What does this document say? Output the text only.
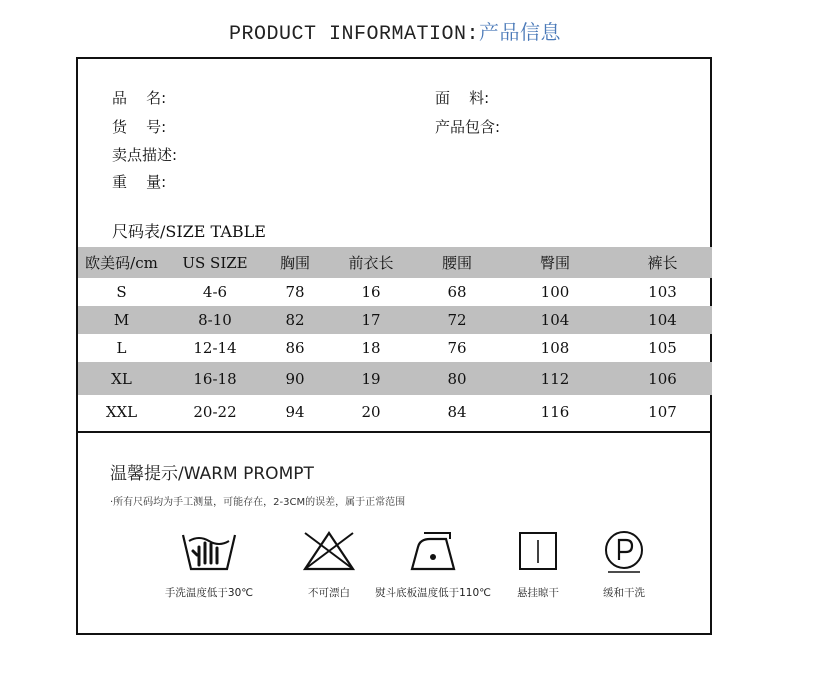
PRODUCT INFORMATION:产品信息
品    名:
货    号:
卖点描述:
重    量:
面    料:
产品包含:
尺码表/SIZE TABLE
欧美码/cm	US SIZE	胸围	前衣长	腰围	臀围	裤长
S	4-6	78	16	68	100	103
M	8-10	82	17	72	104	104
L	12-14	86	18	76	108	105
XL	16-18	90	19	80	112	106
XXL	20-22	94	20	84	116	107
温馨提示/WARM PROMPT
·所有尺码均为手工测量，可能存在，2-3CM的误差，属于正常范围
手洗温度低于30℃	不可漂白	熨斗底板温度低于110℃	悬挂晾干	缓和干洗
